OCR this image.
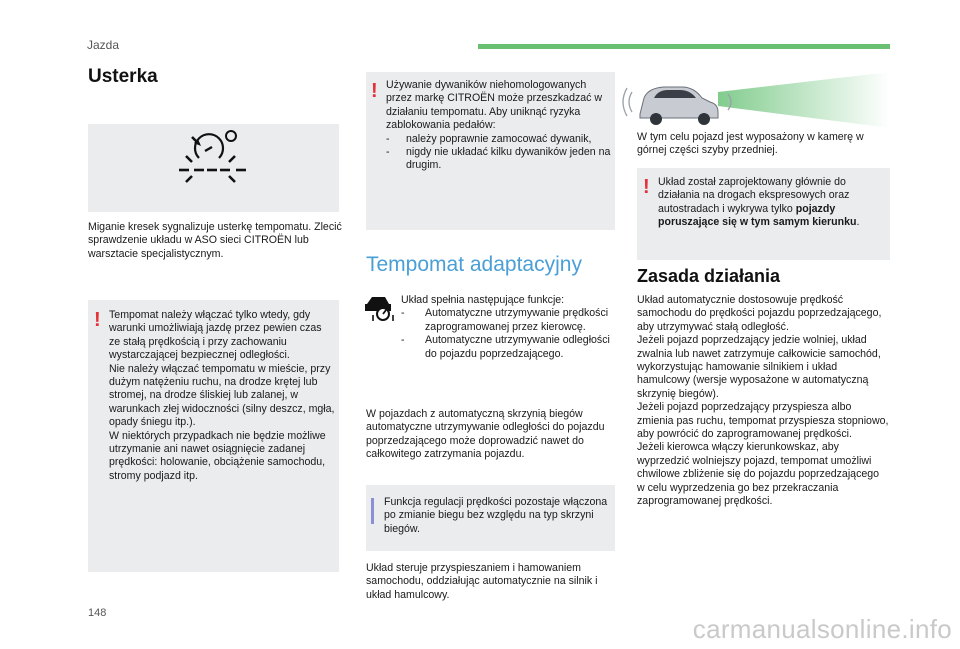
Jazda
Usterka
Miganie kresek sygnalizuje usterkę tempomatu. Zlecić sprawdzenie układu w ASO sieci CITROËN lub warsztacie specjalistycznym.
! Tempomat należy włączać tylko wtedy, gdy warunki umożliwiają jazdę przez pewien czas ze stałą prędkością i przy zachowaniu wystarczającej bezpiecznej odległości.
Nie należy włączać tempomatu w mieście, przy dużym natężeniu ruchu, na drodze krętej lub stromej, na drodze śliskiej lub zalanej, w warunkach złej widoczności (silny deszcz, mgła, opady śniegu itp.).
W niektórych przypadkach nie będzie możliwe utrzymanie ani nawet osiągnięcie zadanej prędkości: holowanie, obciążenie samochodu, stromy podjazd itp.
! Używanie dywaników niehomologowanych przez markę CITROËN może przeszkadzać w działaniu tempomatu. Aby uniknąć ryzyka zablokowania pedałów:
-	należy poprawnie zamocować dywanik,
-	nigdy nie układać kilku dywaników jeden na drugim.
Tempomat adaptacyjny
Układ spełnia następujące funkcje:
-	Automatyczne utrzymywanie prędkości zaprogramowanej przez kierowcę.
-	Automatyczne utrzymywanie odległości do pojazdu poprzedzającego.
W pojazdach z automatyczną skrzynią biegów automatyczne utrzymywanie odległości do pojazdu poprzedzającego może doprowadzić nawet do całkowitego zatrzymania pojazdu.
Funkcja regulacji prędkości pozostaje włączona po zmianie biegu bez względu na typ skrzyni biegów.
Układ steruje przyspieszaniem i hamowaniem samochodu, oddziałując automatycznie na silnik i układ hamulcowy.
W tym celu pojazd jest wyposażony w kamerę w górnej części szyby przedniej.
! Układ został zaprojektowany głównie do działania na drogach ekspresowych oraz autostradach i wykrywa tylko pojazdy poruszające się w tym samym kierunku.
Zasada działania
Układ automatycznie dostosowuje prędkość samochodu do prędkości pojazdu poprzedzającego, aby utrzymywać stałą odległość.
Jeżeli pojazd poprzedzający jedzie wolniej, układ zwalnia lub nawet zatrzymuje całkowicie samochód, wykorzystując hamowanie silnikiem i układ hamulcowy (wersje wyposażone w automatyczną skrzynię biegów).
Jeżeli pojazd poprzedzający przyspiesza albo zmienia pas ruchu, tempomat przyspiesza stopniowo, aby powrócić do zaprogramowanej prędkości.
Jeżeli kierowca włączy kierunkowskaz, aby wyprzedzić wolniejszy pojazd, tempomat umożliwi chwilowe zbliżenie się do pojazdu poprzedzającego w celu wyprzedzenia go bez przekraczania zaprogramowanej prędkości.
148
carmanualsonline.info
